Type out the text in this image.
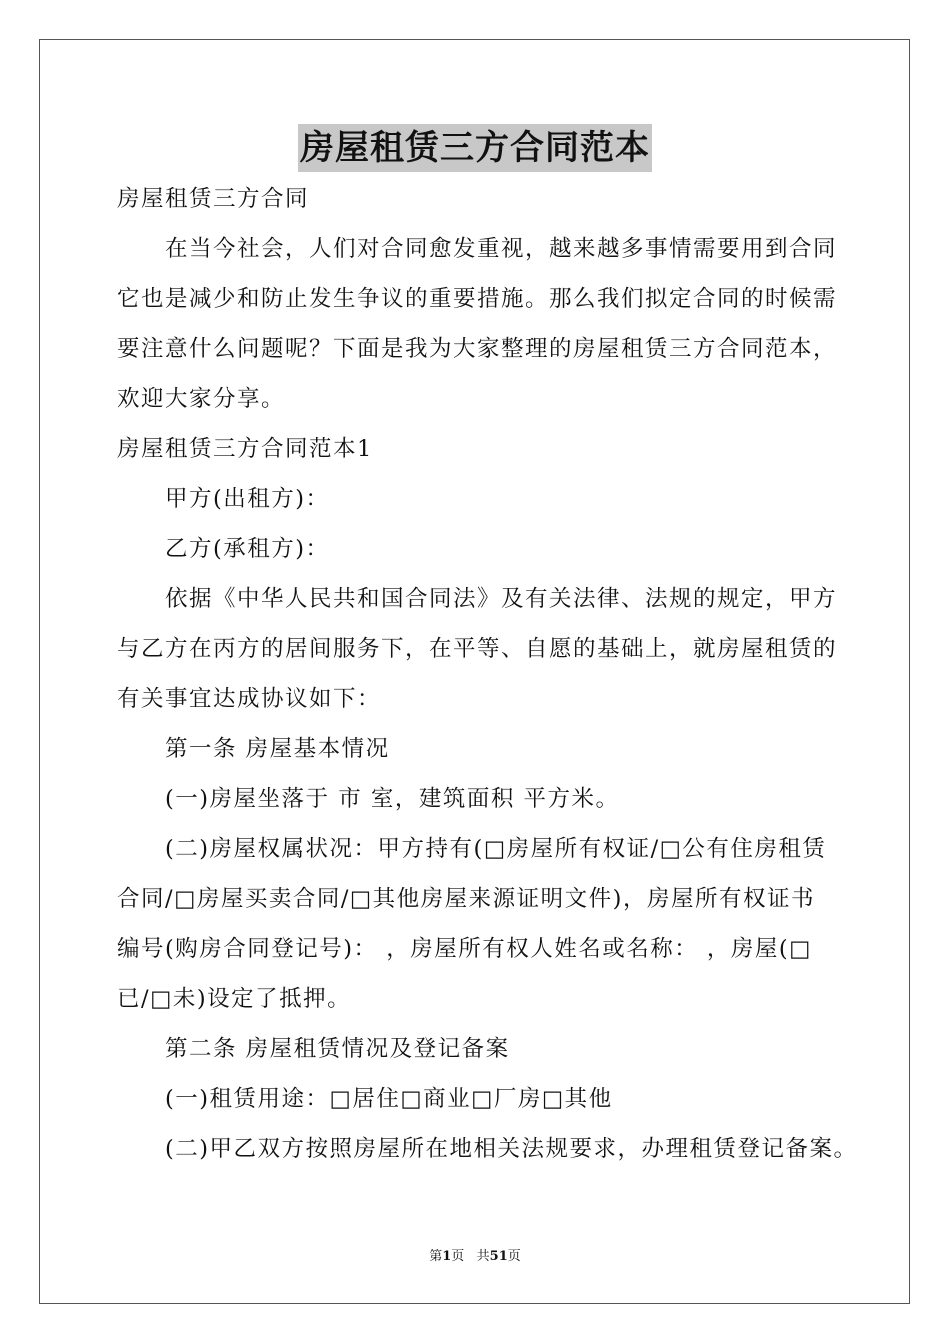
房屋租赁三方合同范本
房屋租赁三方合同
在当今社会，人们对合同愈发重视，越来越多事情需要用到合同
它也是减少和防止发生争议的重要措施。那么我们拟定合同的时候需
要注意什么问题呢？下面是我为大家整理的房屋租赁三方合同范本，
欢迎大家分享。
房屋租赁三方合同范本1
甲方(出租方)：
乙方(承租方)：
依据《中华人民共和国合同法》及有关法律、法规的规定，甲方
与乙方在丙方的居间服务下，在平等、自愿的基础上，就房屋租赁的
有关事宜达成协议如下：
第一条 房屋基本情况
(一)房屋坐落于 市 室，建筑面积 平方米。
(二)房屋权属状况：甲方持有(□房屋所有权证/□公有住房租赁
合同/□房屋买卖合同/□其他房屋来源证明文件)，房屋所有权证书
编号(购房合同登记号)： ，房屋所有权人姓名或名称： ，房屋(□
已/□未)设定了抵押。
第二条 房屋租赁情况及登记备案
(一)租赁用途：□居住□商业□厂房□其他
(二)甲乙双方按照房屋所在地相关法规要求，办理租赁登记备案。
第1页   共51页
